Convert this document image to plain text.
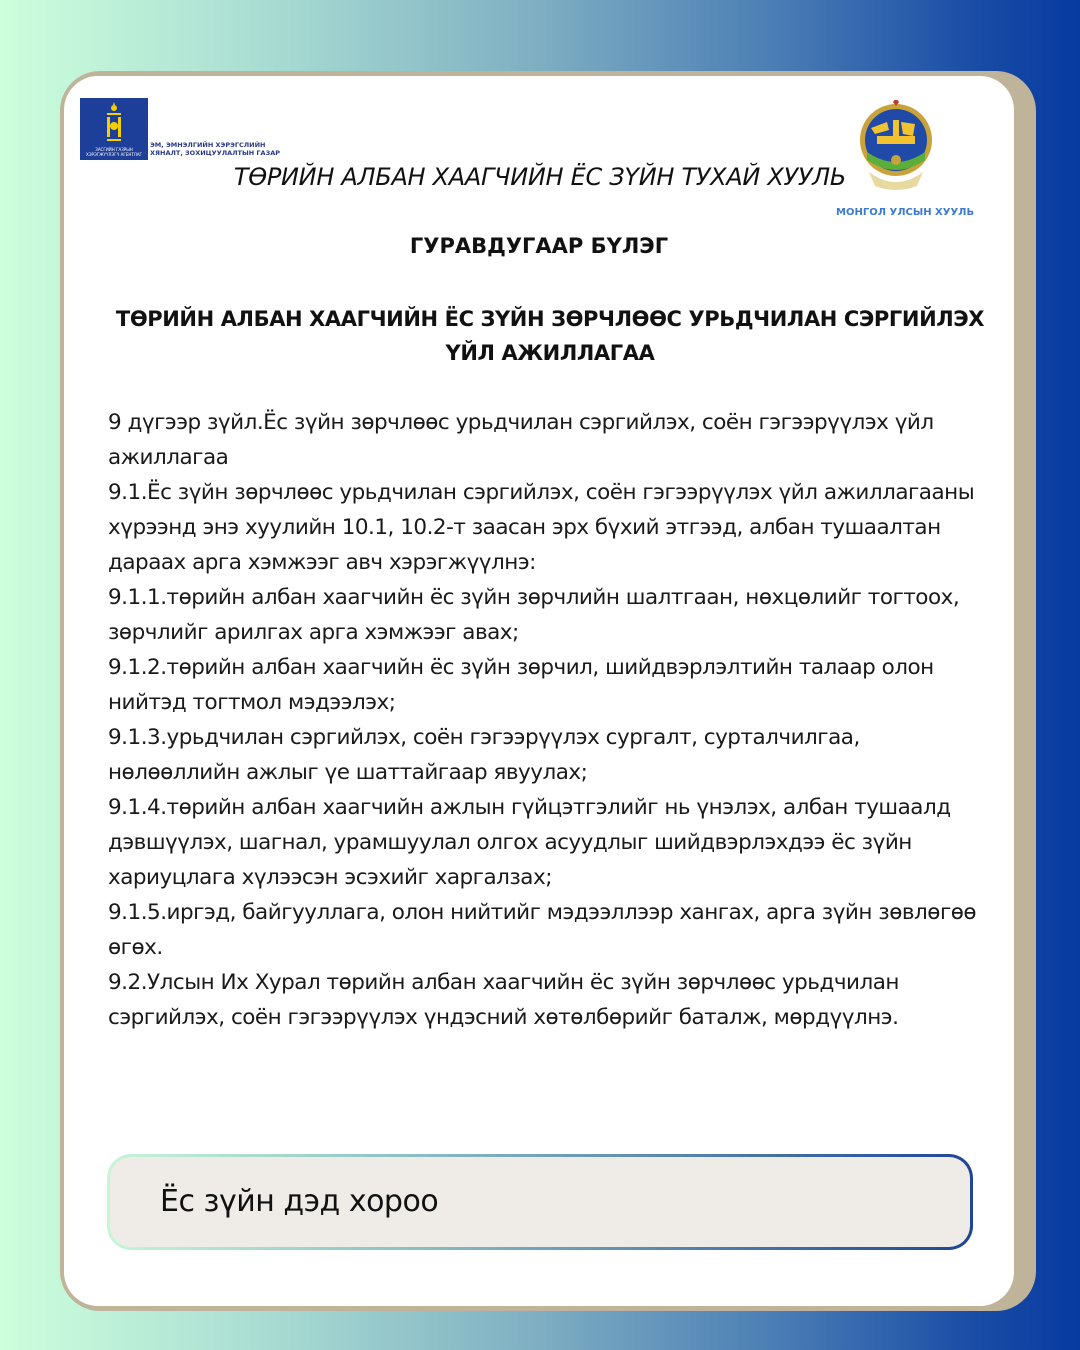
ЗАСГИЙН ГАЗРЫН ХЭРЭГЖҮҮЛЭГЧ АГЕНТЛАГ
ЭМ, ЭМНЭЛГИЙН ХЭРЭГСЛИЙН
ХЯНАЛТ, ЗОХИЦУУЛАЛТЫН ГАЗАР
ТӨРИЙН АЛБАН ХААГЧИЙН ЁС ЗҮЙН ТУХАЙ ХУУЛЬ
МОНГОЛ УЛСЫН ХУУЛЬ
ГУРАВДУГААР БҮЛЭГ
ТӨРИЙН АЛБАН ХААГЧИЙН ЁС ЗҮЙН ЗӨРЧЛӨӨС УРЬДЧИЛАН СЭРГИЙЛЭХ ҮЙЛ АЖИЛЛАГАА

9 дүгээр зүйл.Ёс зүйн зөрчлөөс урьдчилан сэргийлэх, соён гэгээрүүлэх үйл ажиллагаа

9.1.Ёс зүйн зөрчлөөс урьдчилан сэргийлэх, соён гэгээрүүлэх үйл ажиллагааны хүрээнд энэ хуулийн 10.1, 10.2-т заасан эрх бүхий этгээд, албан тушаалтан дараах арга хэмжээг авч хэрэгжүүлнэ:

9.1.1.төрийн албан хаагчийн ёс зүйн зөрчлийн шалтгаан, нөхцөлийг тогтоох, зөрчлийг арилгах арга хэмжээг авах;

9.1.2.төрийн албан хаагчийн ёс зүйн зөрчил, шийдвэрлэлтийн талаар олон нийтэд тогтмол мэдээлэх;

9.1.3.урьдчилан сэргийлэх, соён гэгээрүүлэх сургалт, сурталчилгаа, нөлөөллийн ажлыг үе шаттайгаар явуулах;

9.1.4.төрийн албан хаагчийн ажлын гүйцэтгэлийг нь үнэлэх, албан тушаалд дэвшүүлэх, шагнал, урамшуулал олгох асуудлыг шийдвэрлэхдээ ёс зүйн хариуцлага хүлээсэн эсэхийг харгалзах;

9.1.5.иргэд, байгууллага, олон нийтийг мэдээллээр хангах, арга зүйн зөвлөгөө өгөх.

9.2.Улсын Их Хурал төрийн албан хаагчийн ёс зүйн зөрчлөөс урьдчилан сэргийлэх, соён гэгээрүүлэх үндэсний хөтөлбөрийг баталж, мөрдүүлнэ.

Ёс зүйн дэд хороо
